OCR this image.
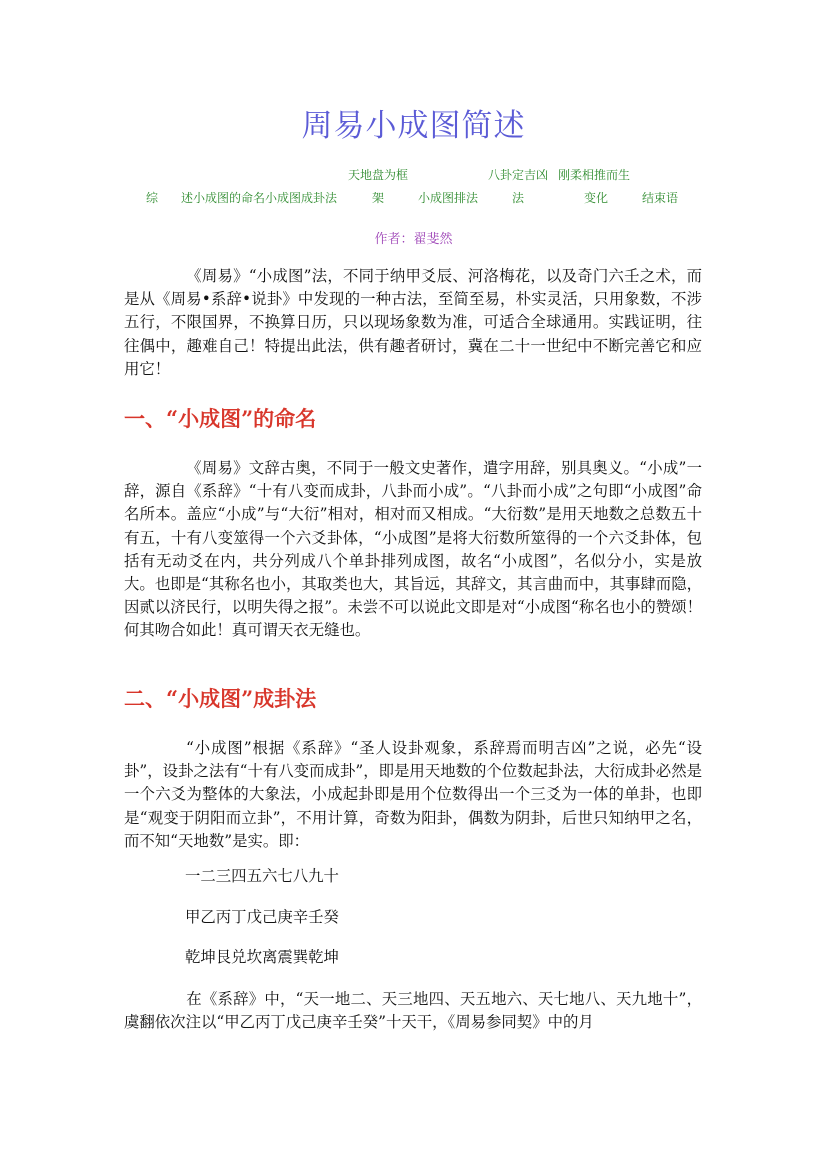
周易小成图简述
天地盘为框	八卦定吉凶 刚柔相推而生
综 述小成图的命名 小成图成卦法	架	小成图排法	法	变化	结束语
作者：翟斐然

《周易》“小成图”法，不同于纳甲爻辰、河洛梅花，以及奇门六壬之术，而是从《周易•系辞•说卦》中发现的一种古法，至简至易，朴实灵活，只用象数，不涉五行，不限国界，不换算日历，只以现场象数为准，可适合全球通用。实践证明，往往偶中，趣难自己！特提出此法，供有趣者研讨，冀在二十一世纪中不断完善它和应用它！

一、“小成图”的命名

《周易》文辞古奥，不同于一般文史著作，遣字用辞，别具奥义。“小成”一辞，源自《系辞》“十有八变而成卦，八卦而小成”。“八卦而小成”之句即“小成图”命名所本。盖应“小成”与“大衍”相对，相对而又相成。“大衍数”是用天地数之总数五十有五，十有八变筮得一个六爻卦体，“小成图”是将大衍数所筮得的一个六爻卦体，包括有无动爻在内，共分列成八个单卦排列成图，故名“小成图”，名似分小，实是放大。也即是“其称名也小，其取类也大，其旨远，其辞文，其言曲而中，其事肆而隐，因贰以济民行，以明失得之报”。未尝不可以说此文即是对“小成图“称名也小的赞颂！何其吻合如此！真可谓天衣无缝也。

二、“小成图”成卦法

“小成图”根据《系辞》“圣人设卦观象，系辞焉而明吉凶”之说，必先“设卦”，设卦之法有“十有八变而成卦”，即是用天地数的个位数起卦法，大衍成卦必然是一个六爻为整体的大象法，小成起卦即是用个位数得出一个三爻为一体的单卦，也即是“观变于阴阳而立卦”，不用计算，奇数为阳卦，偶数为阴卦，后世只知纳甲之名，而不知“天地数”是实。即：

一二三四五六七八九十

甲乙丙丁戊己庚辛壬癸

乾坤艮兑坎离震巽乾坤

在《系辞》中，“天一地二、天三地四、天五地六、天七地八、天九地十”，虞翻依次注以“甲乙丙丁戊己庚辛壬癸”十天干，《周易参同契》中的月
